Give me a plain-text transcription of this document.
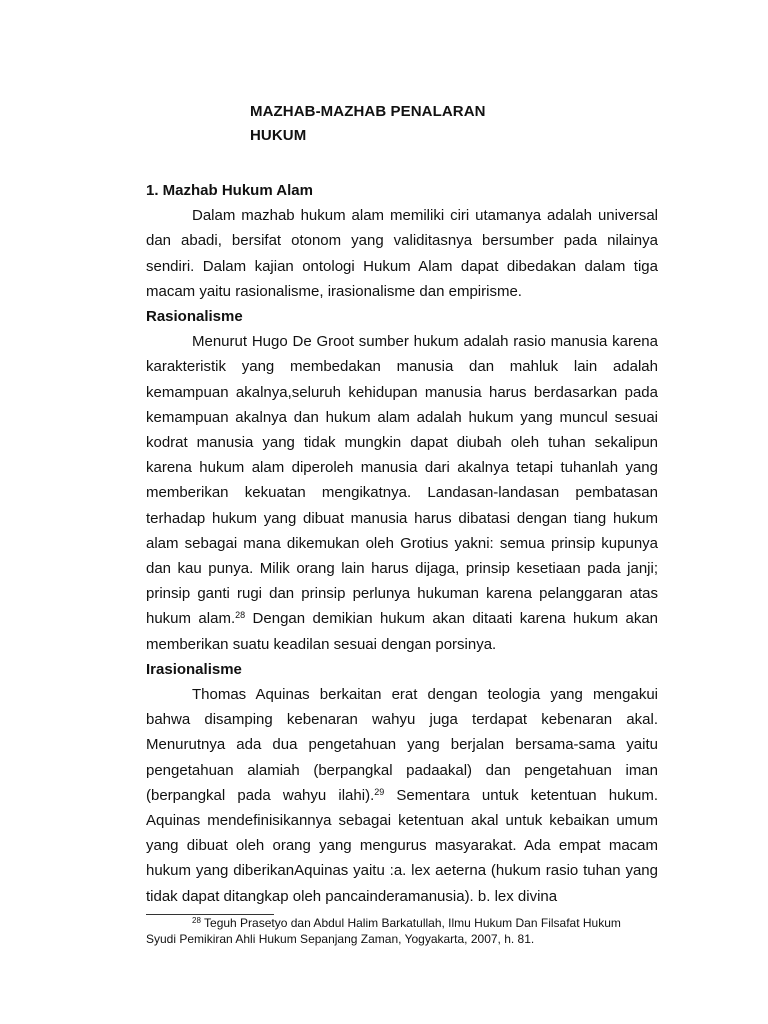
MAZHAB-MAZHAB PENALARAN
HUKUM
1. Mazhab Hukum Alam

Dalam mazhab hukum alam memiliki ciri utamanya adalah universal dan abadi, bersifat otonom yang validitasnya bersumber pada nilainya sendiri. Dalam kajian ontologi Hukum Alam dapat dibedakan dalam tiga macam yaitu rasionalisme, irasionalisme dan empirisme.

Rasionalisme

Menurut Hugo De Groot sumber hukum adalah rasio manusia karena karakteristik yang membedakan manusia dan mahluk lain adalah kemampuan akalnya,seluruh kehidupan manusia harus berdasarkan pada kemampuan akalnya dan hukum alam adalah hukum yang muncul sesuai kodrat manusia yang tidak mungkin dapat diubah oleh tuhan sekalipun karena hukum alam diperoleh manusia dari akalnya tetapi tuhanlah yang memberikan kekuatan mengikatnya. Landasan-landasan pembatasan terhadap hukum yang dibuat manusia harus dibatasi dengan tiang hukum alam sebagai mana dikemukan oleh Grotius yakni: semua prinsip kupunya dan kau punya. Milik orang lain harus dijaga, prinsip kesetiaan pada janji; prinsip ganti rugi dan prinsip perlunya hukuman karena pelanggaran atas hukum alam.$^{28}$ Dengan demikian hukum akan ditaati karena hukum akan memberikan suatu keadilan sesuai dengan porsinya.

Irasionalisme

Thomas Aquinas berkaitan erat dengan teologia yang mengakui bahwa disamping kebenaran wahyu juga terdapat kebenaran akal. Menurutnya ada dua pengetahuan yang berjalan bersama-sama yaitu pengetahuan alamiah (berpangkal padaakal) dan pengetahuan iman (berpangkal pada wahyu ilahi).$^{29}$ Sementara untuk ketentuan hukum. Aquinas mendefinisikannya sebagai ketentuan akal untuk kebaikan umum yang dibuat oleh orang yang mengurus masyarakat. Ada empat macam hukum yang diberikanAquinas yaitu :a. lex aeterna (hukum rasio tuhan yang tidak dapat ditangkap oleh pancainderamanusia). b. lex divina

$^{28}$ Teguh Prasetyo dan Abdul Halim Barkatullah, Ilmu Hukum Dan Filsafat Hukum
Syudi Pemikiran Ahli Hukum Sepanjang Zaman, Yogyakarta, 2007, h. 81.
